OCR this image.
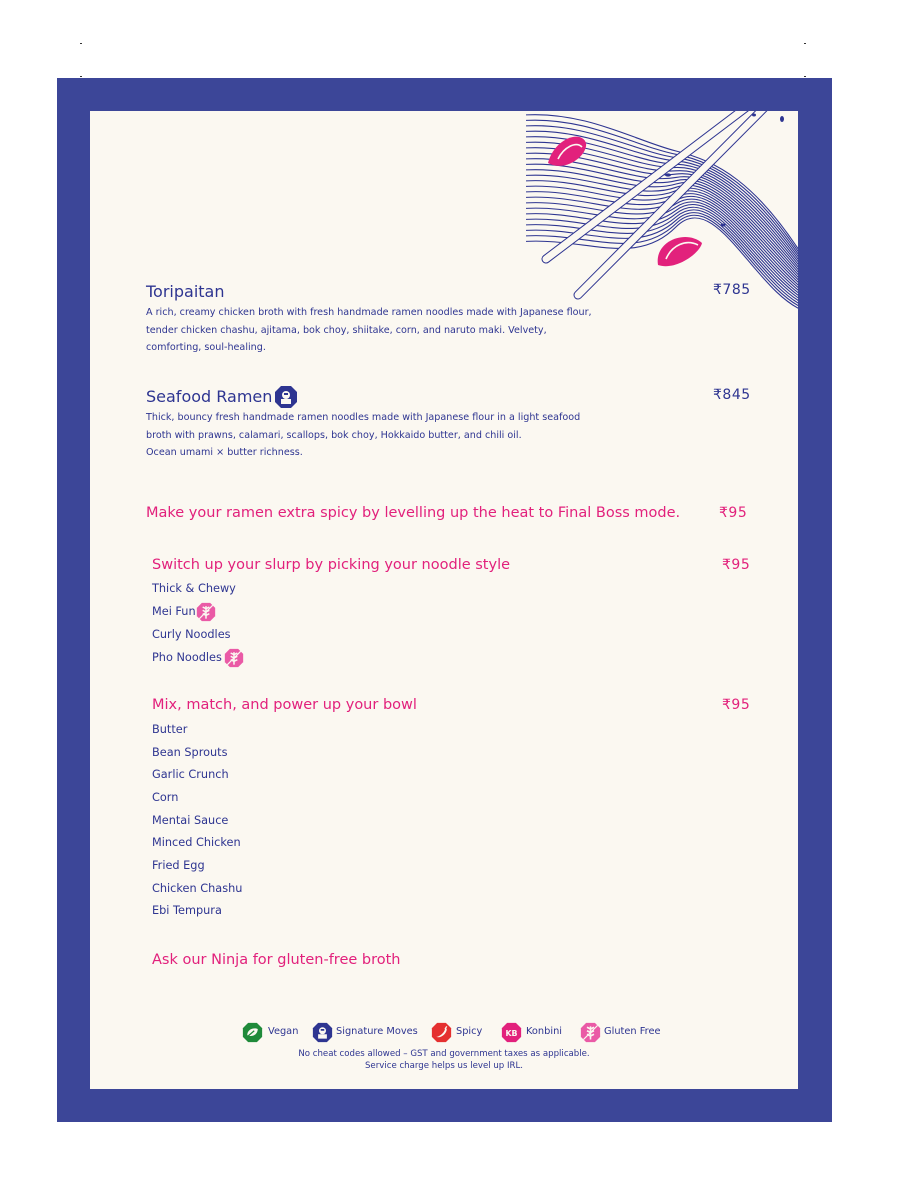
Toripaitan	₹785
A rich, creamy chicken broth with fresh handmade ramen noodles made with Japanese flour,
tender chicken chashu, ajitama, bok choy, shiitake, corn, and naruto maki. Velvety,
comforting, soul-healing.
Seafood Ramen	₹845
Thick, bouncy fresh handmade ramen noodles made with Japanese flour in a light seafood
broth with prawns, calamari, scallops, bok choy, Hokkaido butter, and chili oil.
Ocean umami × butter richness.
Make your ramen extra spicy by levelling up the heat to Final Boss mode.	₹95
Switch up your slurp by picking your noodle style	₹95
Thick & Chewy
Mei Fun
Curly Noodles
Pho Noodles
Mix, match, and power up your bowl	₹95
Butter
Bean Sprouts
Garlic Crunch
Corn
Mentai Sauce
Minced Chicken
Fried Egg
Chicken Chashu
Ebi Tempura
Ask our Ninja for gluten-free broth
Vegan	Signature Moves	Spicy	KB Konbini	Gluten Free
No cheat codes allowed – GST and government taxes as applicable.
Service charge helps us level up IRL.
